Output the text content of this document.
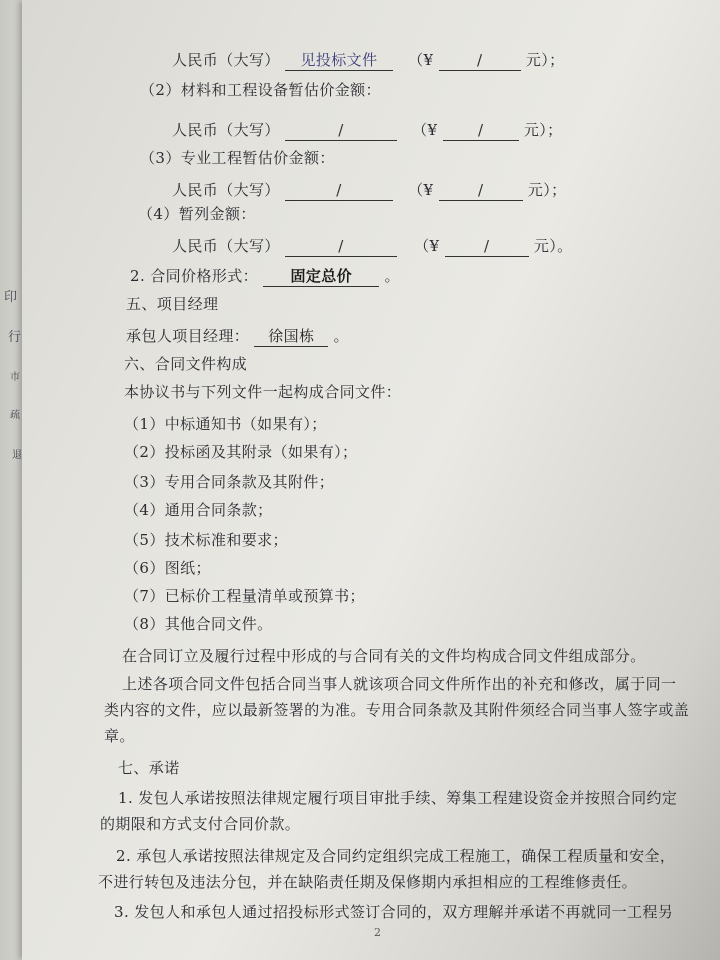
印
行
市
疏
退
人民币（大写） 见投标文件 （¥	/	元）；
（2）材料和工程设备暂估价金额：
人民币（大写）	/	（¥	/	元）；
（3）专业工程暂估价金额：
人民币（大写）	/	（¥	/	元）；
（4）暂列金额：
人民币（大写）	/	（¥	/	元）。
2. 合同价格形式： 固定总价 。
五、项目经理
承包人项目经理： 徐国栋 。
六、合同文件构成
本协议书与下列文件一起构成合同文件：
（1）中标通知书（如果有）；
（2）投标函及其附录（如果有）；
（3）专用合同条款及其附件；
（4）通用合同条款；
（5）技术标准和要求；
（6）图纸；
（7）已标价工程量清单或预算书；
（8）其他合同文件。
在合同订立及履行过程中形成的与合同有关的文件均构成合同文件组成部分。
上述各项合同文件包括合同当事人就该项合同文件所作出的补充和修改，属于同一
类内容的文件，应以最新签署的为准。专用合同条款及其附件须经合同当事人签字或盖
章。
七、承诺
1. 发包人承诺按照法律规定履行项目审批手续、筹集工程建设资金并按照合同约定
的期限和方式支付合同价款。
2. 承包人承诺按照法律规定及合同约定组织完成工程施工，确保工程质量和安全，
不进行转包及违法分包，并在缺陷责任期及保修期内承担相应的工程维修责任。
3. 发包人和承包人通过招投标形式签订合同的，双方理解并承诺不再就同一工程另
2
